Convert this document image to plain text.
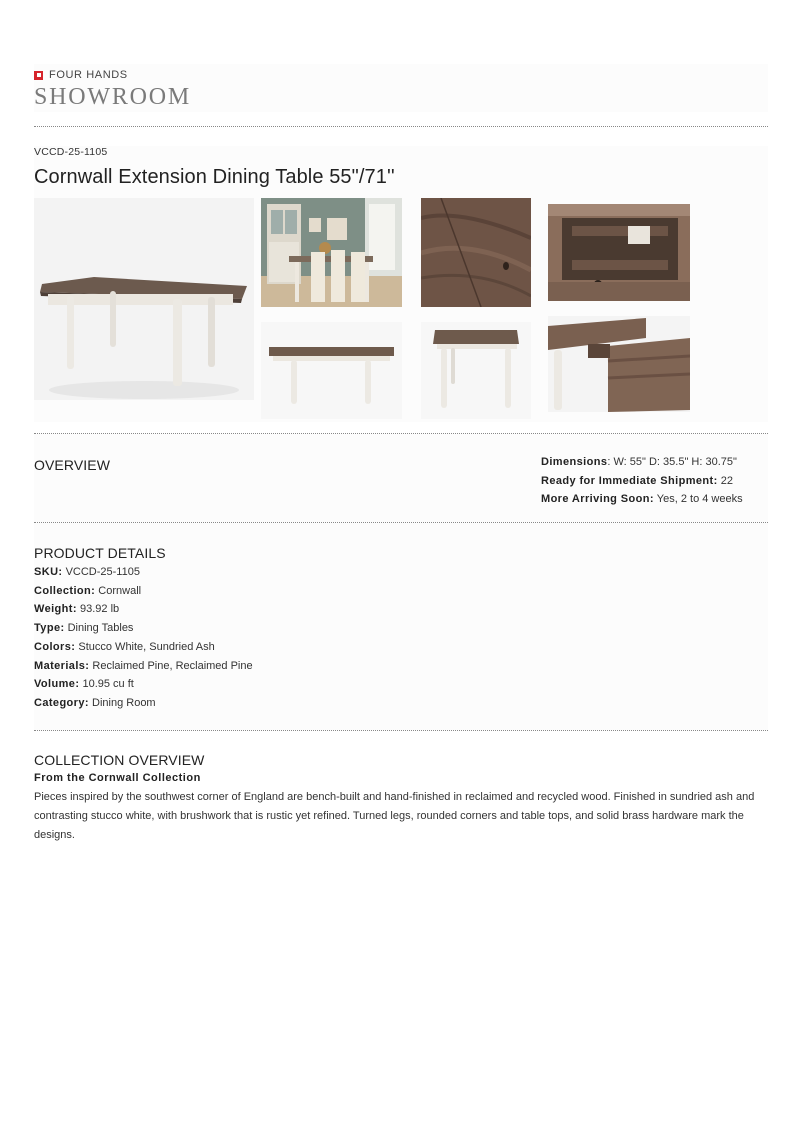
FOUR HANDS
SHOWROOM
VCCD-25-1105
Cornwall Extension Dining Table 55"/71''
OVERVIEW	Dimensions: W: 55" D: 35.5" H: 30.75"
Ready for Immediate Shipment: 22
More Arriving Soon: Yes, 2 to 4 weeks
PRODUCT DETAILS
SKU: VCCD-25-1105
Collection: Cornwall
Weight: 93.92 lb
Type: Dining Tables
Colors: Stucco White, Sundried Ash
Materials: Reclaimed Pine, Reclaimed Pine
Volume: 10.95 cu ft
Category: Dining Room
COLLECTION OVERVIEW
From the Cornwall Collection

Pieces inspired by the southwest corner of England are bench-built and hand-finished in reclaimed and recycled wood. Finished in sundried ash and contrasting stucco white, with brushwork that is rustic yet refined. Turned legs, rounded corners and table tops, and solid brass hardware mark the designs.
